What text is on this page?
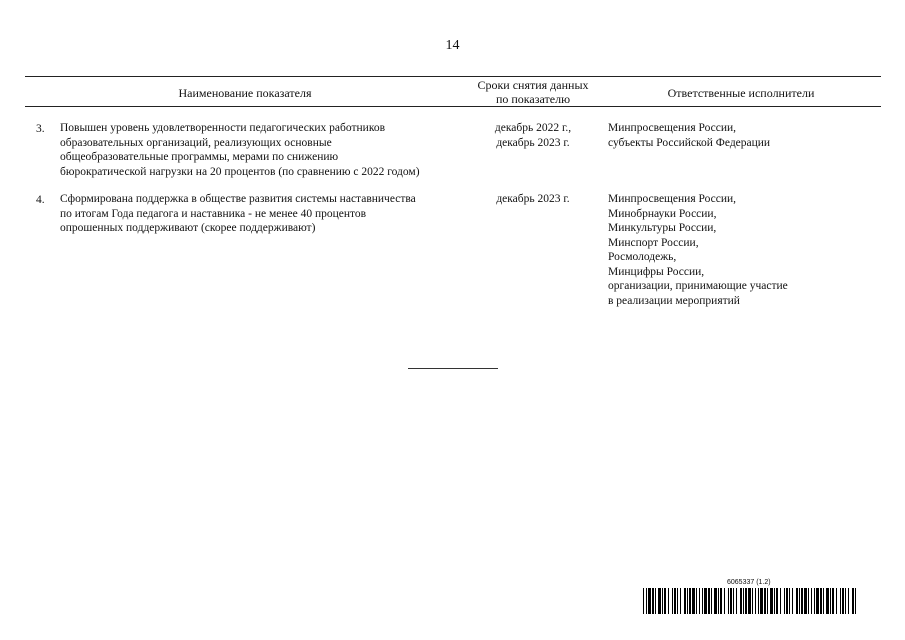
14
Наименование показателя
Сроки снятия данных
по показателю	Ответственные исполнители
3. Повышен уровень удовлетворенности педагогических работников
образовательных организаций, реализующих основные
общеобразовательные программы, мерами по снижению
бюрократической нагрузки на 20 процентов (по сравнению с 2022 годом)
декабрь 2022 г.,
декабрь 2023 г.
Минпросвещения России,
субъекты Российской Федерации
4. Сформирована поддержка в обществе развития системы наставничества
по итогам Года педагога и наставника - не менее 40 процентов
опрошенных поддерживают (скорее поддерживают)
декабрь 2023 г.	Минпросвещения России,
Минобрнауки России,
Минкультуры России,
Минспорт России,
Росмолодежь,
Минцифры России,
организации, принимающие участие
в реализации мероприятий
6065337 (1.2)
